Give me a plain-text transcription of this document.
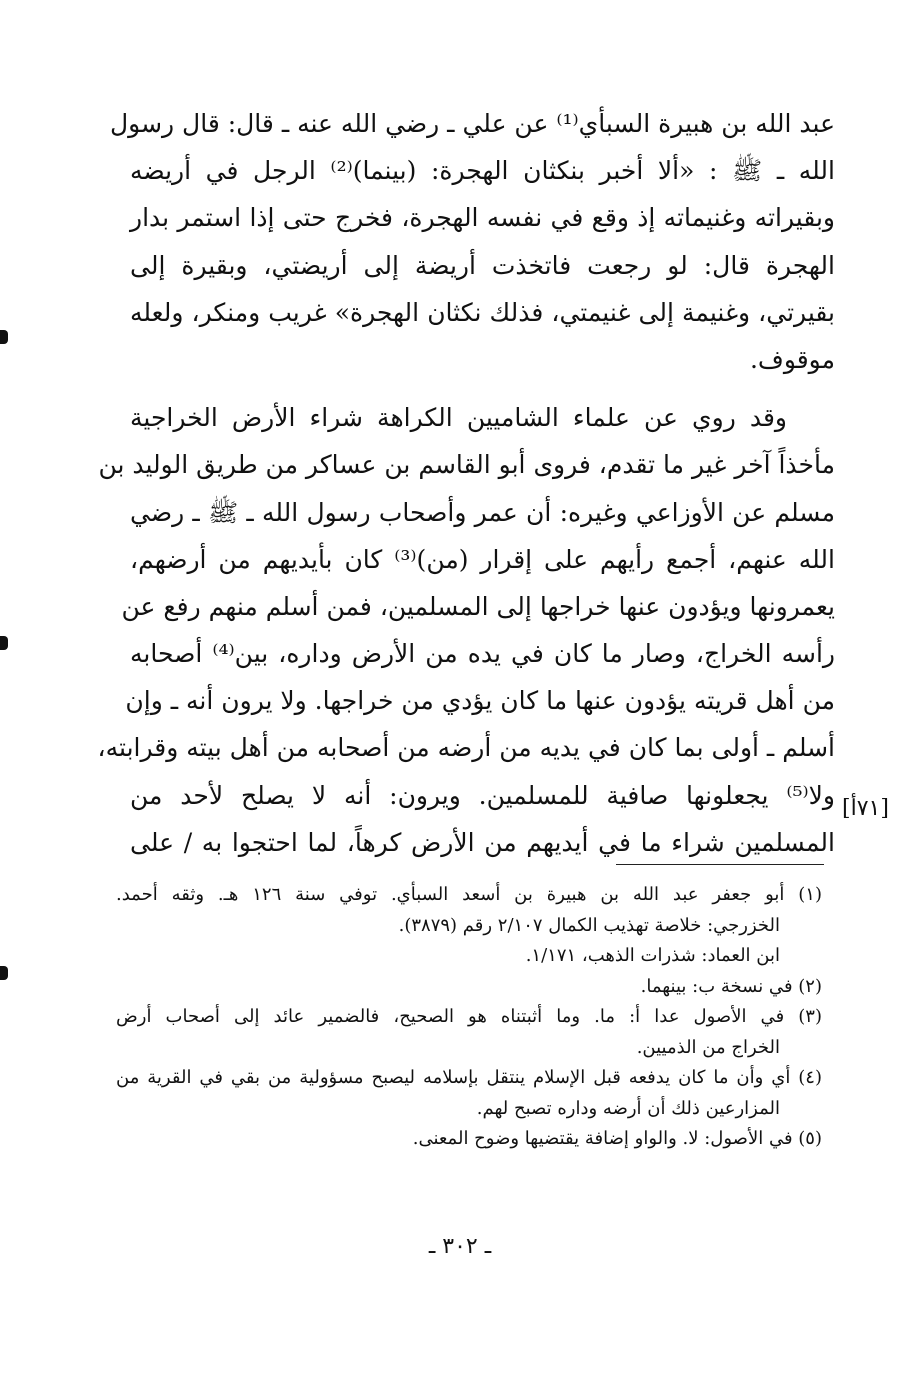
عبد الله بن هبيرة السبأي⁽¹⁾ عن علي ـ رضي الله عنه ـ قال: قال رسول
الله ـ ﷺ : «ألا أخبر بنكثان الهجرة: (بينما)⁽²⁾ الرجل في أريضه
وبقيراته وغنيماته إذ وقع في نفسه الهجرة، فخرج حتى إذا استمر بدار
الهجرة قال: لو رجعت فاتخذت أريضة إلى أريضتي، وبقيرة إلى
بقيرتي، وغنيمة إلى غنيمتي، فذلك نكثان الهجرة» غريب ومنكر، ولعله
موقوف.
وقد روي عن علماء الشاميين الكراهة شراء الأرض الخراجية
مأخذاً آخر غير ما تقدم، فروى أبو القاسم بن عساكر من طريق الوليد بن
مسلم عن الأوزاعي وغيره: أن عمر وأصحاب رسول الله ـ ﷺ ـ رضي
الله عنهم، أجمع رأيهم على إقرار (من)⁽³⁾ كان بأيديهم من أرضهم،
يعمرونها ويؤدون عنها خراجها إلى المسلمين، فمن أسلم منهم رفع عن
رأسه الخراج، وصار ما كان في يده من الأرض وداره، بين⁽⁴⁾ أصحابه
من أهل قريته يؤدون عنها ما كان يؤدي من خراجها. ولا يرون أنه ـ وإن
أسلم ـ أولى بما كان في يديه من أرضه من أصحابه من أهل بيته وقرابته،
ولا⁽⁵⁾ يجعلونها صافية للمسلمين. ويرون: أنه لا يصلح لأحد من
المسلمين شراء ما في أيديهم من الأرض كرهاً، لما احتجوا به / على
[٧١أ]
(١) أبو جعفر عبد الله بن هبيرة بن أسعد السبأي. توفي سنة ١٢٦ هـ. وثقه أحمد.
الخزرجي: خلاصة تهذيب الكمال ٢/١٠٧ رقم (٣٨٧٩).
ابن العماد: شذرات الذهب، ١/١٧١.
(٢) في نسخة ب: بينهما.
(٣) في الأصول عدا أ: ما. وما أثبتناه هو الصحيح، فالضمير عائد إلى أصحاب أرض
الخراج من الذميين.
(٤) أي وأن ما كان يدفعه قبل الإسلام ينتقل بإسلامه ليصبح مسؤولية من بقي في القرية من
المزارعين ذلك أن أرضه وداره تصبح لهم.
(٥) في الأصول: لا. والواو إضافة يقتضيها وضوح المعنى.
ـ ٣٠٢ ـ
